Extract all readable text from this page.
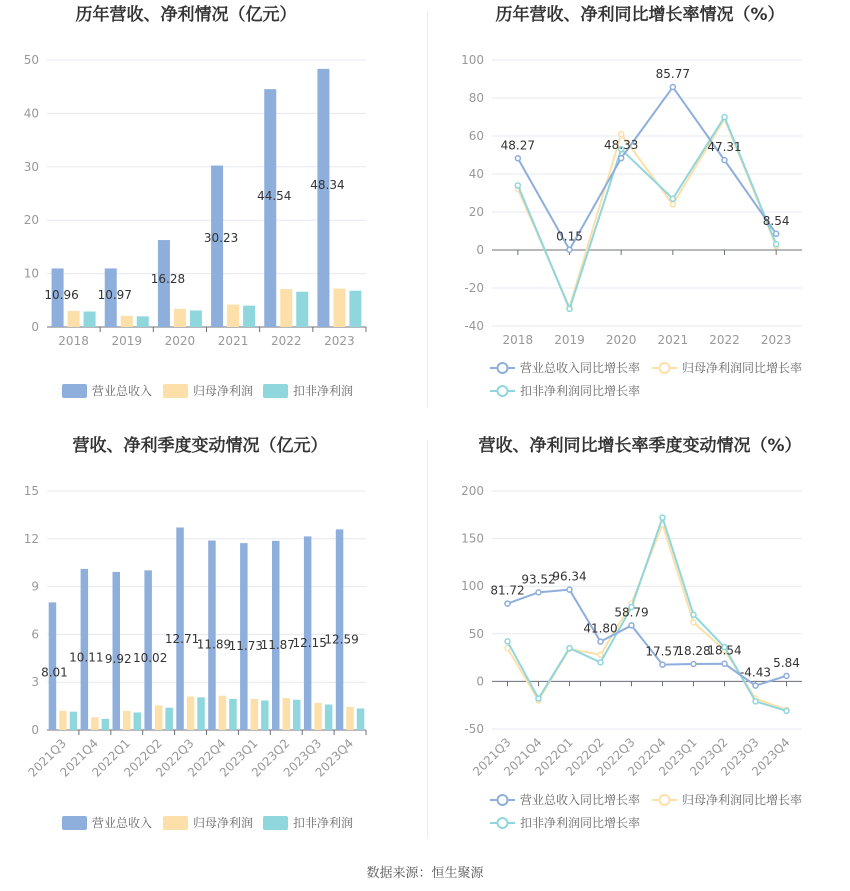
历年营收、净利情况（亿元）
0
10
20
30
40
50
2018 2019 2020 2021 2022 2023
10.96 10.97
16.28
30.23
44.54
48.34
营业总收入	归母净利润	扣非净利润
历年营收、净利同比增长率情况（%）
-40
-20
0
20
40
60
80
100
2018 2019 2020 2021 2022 2023
48.27
0.15
48.33
85.77
47.31
8.54
营业总收入同比增长率	归母净利润同比增长率
扣非净利润同比增长率
营收、净利季度变动情况（亿元）
0
3
6
9
12
15
2021Q3
2021Q4
2022Q1
2022Q2
2022Q3
2022Q4
2023Q1
2023Q2
2023Q3
2023Q4
8.01
10.11 9.92 10.02
12.71
11.89
11.73
11.87
12.15
12.59
营业总收入	归母净利润	扣非净利润
营收、净利同比增长率季度变动情况（%）
-50
0
50
100
150
200
2021Q3
2021Q4
2022Q1
2022Q2
2022Q3
2022Q4
2023Q1
2023Q2
2023Q3
2023Q4
81.72
93.52
96.34
41.80
58.79
17.57
18.28
18.54
-4.43
5.84
营业总收入同比增长率	归母净利润同比增长率
扣非净利润同比增长率
数据来源：恒生聚源
